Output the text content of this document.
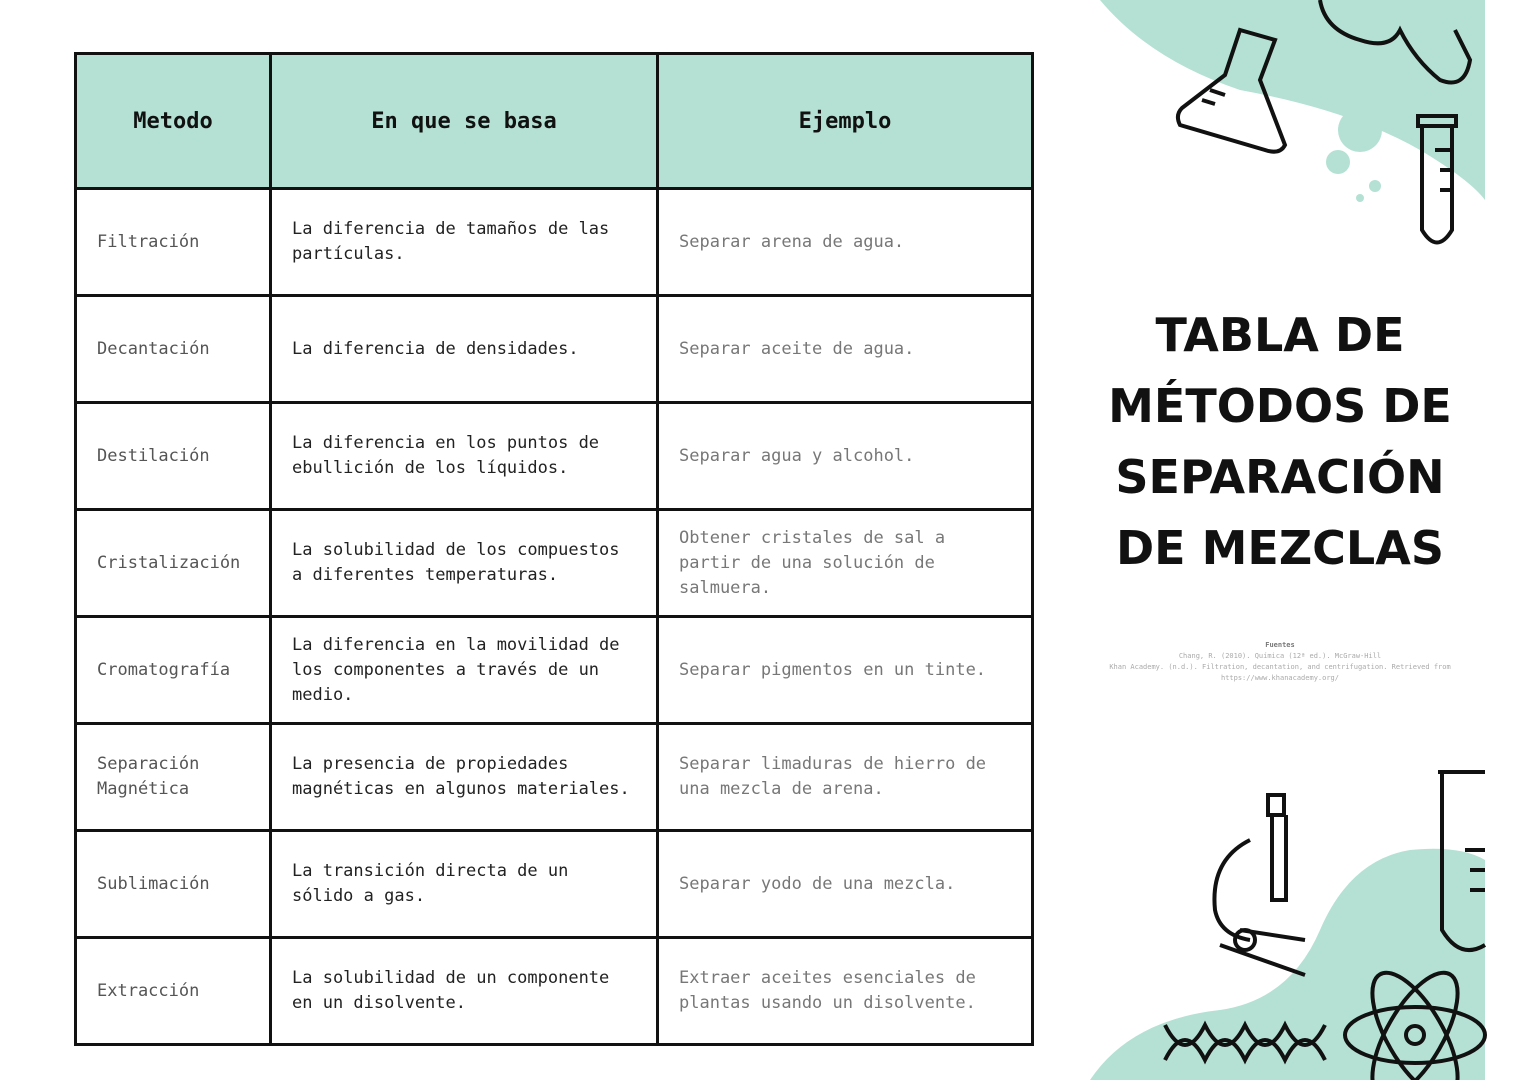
TABLA DE
MÉTODOS DE
SEPARACIÓN
DE MEZCLAS
Fuentes
Chang, R. (2010). Química (12ª ed.). McGraw-Hill
Khan Academy. (n.d.). Filtration, decantation, and centrifugation. Retrieved from https://www.khanacademy.org/
Metodo	En que se basa	Ejemplo
Filtración	La diferencia de tamaños de las partículas.	Separar arena de agua.
Decantación	La diferencia de densidades.	Separar aceite de agua.
Destilación	La diferencia en los puntos de ebullición de los líquidos.	Separar agua y alcohol.
Cristalización	La solubilidad de los compuestos a diferentes temperaturas.	Obtener cristales de sal a partir de una solución de salmuera.
Cromatografía	La diferencia en la movilidad de los componentes a través de un medio.	Separar pigmentos en un tinte.
Separación Magnética	La presencia de propiedades magnéticas en algunos materiales.	Separar limaduras de hierro de una mezcla de arena.
Sublimación	La transición directa de un sólido a gas.	Separar yodo de una mezcla.
Extracción	La solubilidad de un componente en un disolvente.	Extraer aceites esenciales de plantas usando un disolvente.
